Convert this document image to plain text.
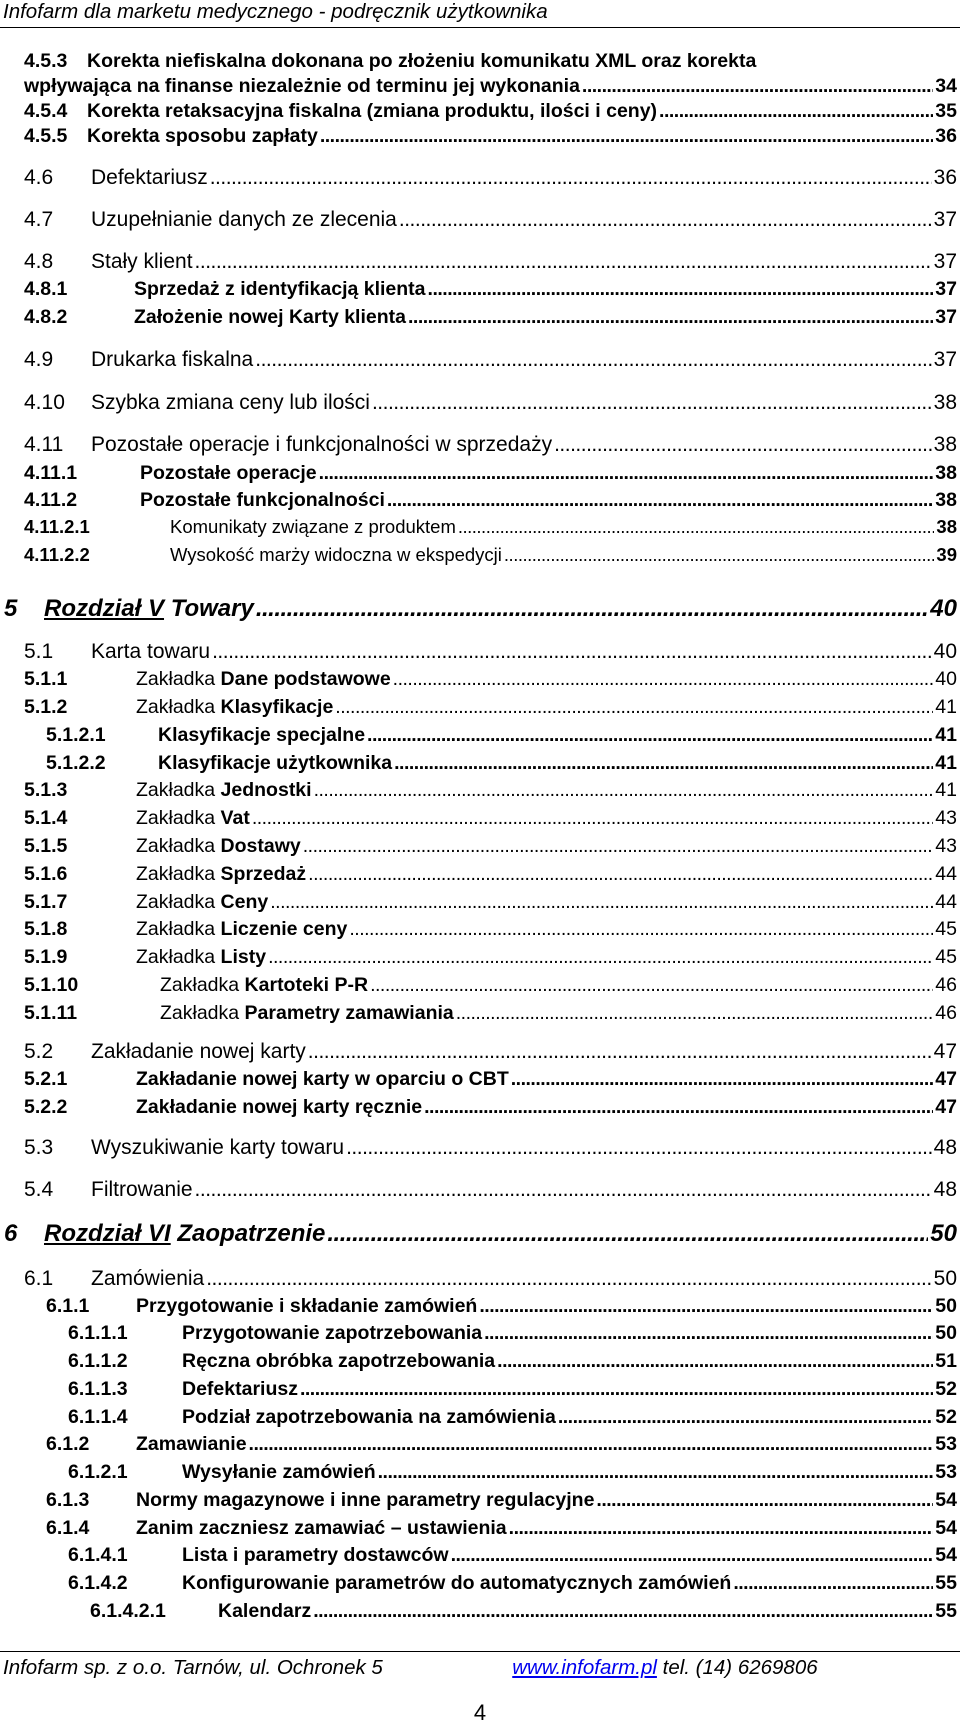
Infofarm dla marketu medycznego - podręcznik użytkownika
4.5.3	Korekta niefiskalna dokonana po złożeniu komunikatu XML oraz korekta
wpływająca na finanse niezależnie od terminu jej wykonania .....	34
4.5.4	Korekta retaksacyjna fiskalna (zmiana produktu, ilości i ceny) .....	35
4.5.5	Korekta sposobu zapłaty .....	36
4.6	Defektariusz .....	36
4.7	Uzupełnianie danych ze zlecenia .....	37
4.8	Stały klient .....	37
4.8.1	Sprzedaż z identyfikacją klienta .....	37
4.8.2	Założenie nowej Karty klienta .....	37
4.9	Drukarka fiskalna .....	37
4.10	Szybka zmiana ceny lub ilości .....	38
4.11	Pozostałe operacje i funkcjonalności w sprzedaży .....	38
4.11.1	Pozostałe operacje .....	38
4.11.2	Pozostałe funkcjonalności .....	38
4.11.2.1	Komunikaty związane z produktem .....	38
4.11.2.2	Wysokość marży widoczna w ekspedycji .....	39
5	Rozdział V Towary .....	40
5.1	Karta towaru .....	40
5.1.1	Zakładka Dane podstawowe .....	40
5.1.2	Zakładka Klasyfikacje .....	41
5.1.2.1	Klasyfikacje specjalne .....	41
5.1.2.2	Klasyfikacje użytkownika .....	41
5.1.3	Zakładka Jednostki .....	41
5.1.4	Zakładka Vat .....	43
5.1.5	Zakładka Dostawy .....	43
5.1.6	Zakładka Sprzedaż .....	44
5.1.7	Zakładka Ceny .....	44
5.1.8	Zakładka Liczenie ceny .....	45
5.1.9	Zakładka Listy .....	45
5.1.10	Zakładka Kartoteki P-R .....	46
5.1.11	Zakładka Parametry zamawiania .....	46
5.2	Zakładanie nowej karty .....	47
5.2.1	Zakładanie nowej karty w oparciu o CBT .....	47
5.2.2	Zakładanie nowej karty ręcznie .....	47
5.3	Wyszukiwanie karty towaru .....	48
5.4	Filtrowanie .....	48
6	Rozdział VI Zaopatrzenie .....	50
6.1	Zamówienia .....	50
6.1.1	Przygotowanie i składanie zamówień .....	50
6.1.1.1	Przygotowanie zapotrzebowania .....	50
6.1.1.2	Ręczna obróbka zapotrzebowania .....	51
6.1.1.3	Defektariusz .....	52
6.1.1.4	Podział zapotrzebowania na zamówienia .....	52
6.1.2	Zamawianie .....	53
6.1.2.1	Wysyłanie zamówień .....	53
6.1.3	Normy magazynowe i inne parametry regulacyjne .....	54
6.1.4	Zanim zaczniesz zamawiać – ustawienia .....	54
6.1.4.1	Lista i parametry dostawców .....	54
6.1.4.2	Konfigurowanie parametrów do automatycznych zamówień .....	55
6.1.4.2.1	Kalendarz .....	55
Infofarm sp. z o.o. Tarnów, ul. Ochronek 5	www.infofarm.pl tel. (14) 6269806
4
